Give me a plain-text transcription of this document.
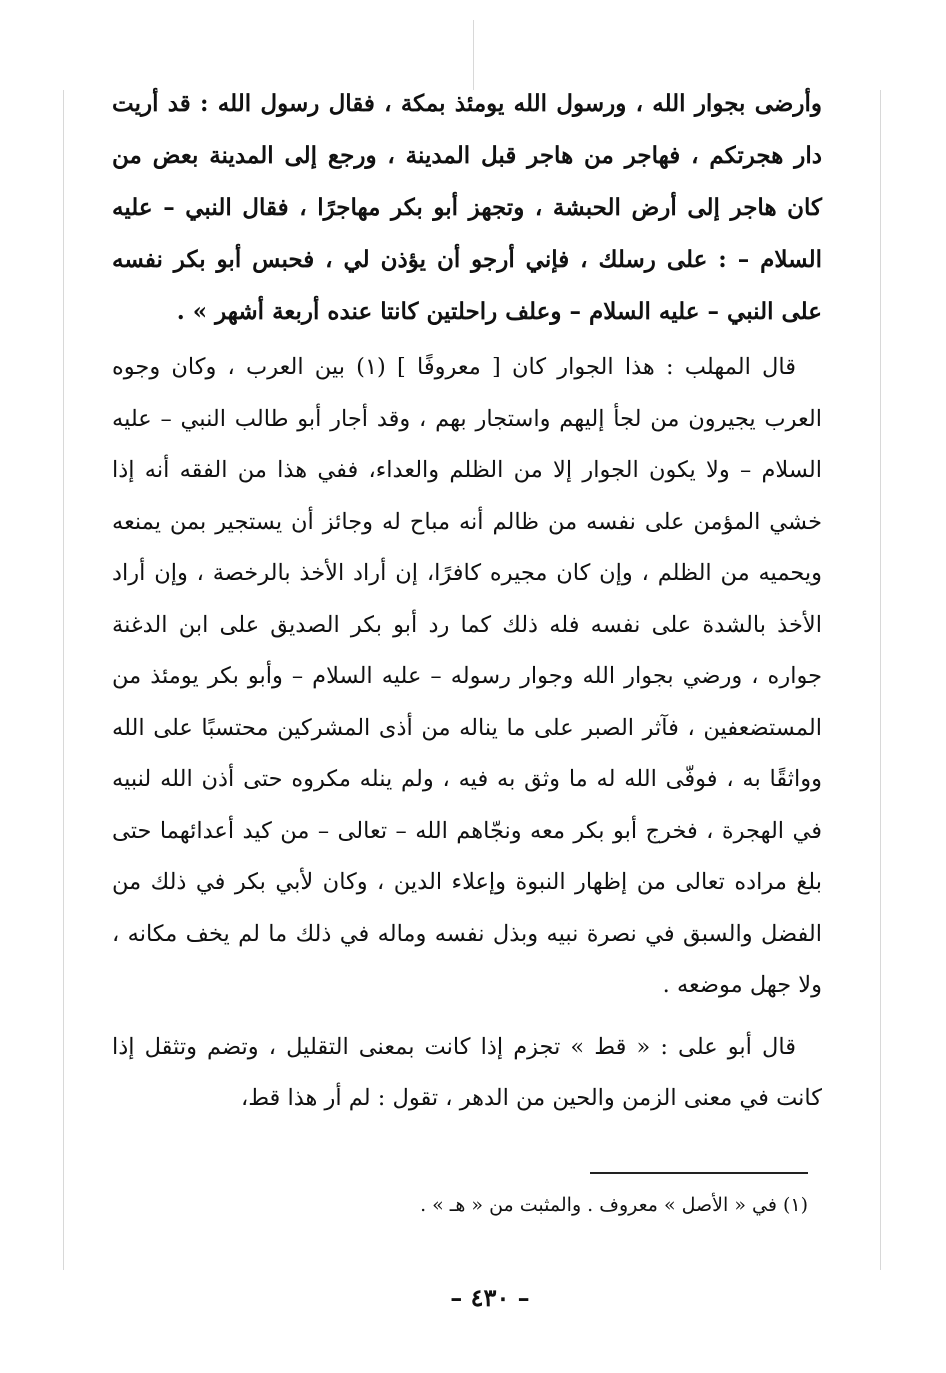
وأرضى بجوار الله ، ورسول الله يومئذ بمكة ، فقال رسول الله : قد أريت دار هجرتكم ، فهاجر من هاجر قبل المدينة ، ورجع إلى المدينة بعض من كان هاجر إلى أرض الحبشة ، وتجهز أبو بكر مهاجرًا ، فقال النبي – عليه السلام – : على رسلك ، فإني أرجو أن يؤذن لي ، فحبس أبو بكر نفسه على النبي – عليه السلام – وعلف راحلتين كانتا عنده أربعة أشهر » .

قال المهلب : هذا الجوار كان [ معروفًا ] (١) بين العرب ، وكان وجوه العرب يجيرون من لجأ إليهم واستجار بهم ، وقد أجار أبو طالب النبي – عليه السلام – ولا يكون الجوار إلا من الظلم والعداء، ففي هذا من الفقه أنه إذا خشي المؤمن على نفسه من ظالم أنه مباح له وجائز أن يستجير بمن يمنعه ويحميه من الظلم ، وإن كان مجيره كافرًا، إن أراد الأخذ بالرخصة ، وإن أراد الأخذ بالشدة على نفسه فله ذلك كما رد أبو بكر الصديق على ابن الدغنة جواره ، ورضي بجوار الله وجوار رسوله – عليه السلام – وأبو بكر يومئذ من المستضعفين ، فآثر الصبر على ما يناله من أذى المشركين محتسبًا على الله وواثقًا به ، فوفّى الله له ما وثق به فيه ، ولم ينله مكروه حتى أذن الله لنبيه في الهجرة ، فخرج أبو بكر معه ونجّاهم الله – تعالى – من كيد أعدائهما حتى بلغ مراده تعالى من إظهار النبوة وإعلاء الدين ، وكان لأبي بكر في ذلك من الفضل والسبق في نصرة نبيه وبذل نفسه وماله في ذلك ما لم يخف مكانه ، ولا جهل موضعه .

قال أبو على : « قط » تجزم إذا كانت بمعنى التقليل ، وتضم وتثقل إذا كانت في معنى الزمن والحين من الدهر ، تقول : لم أر هذا قط،

(١) في « الأصل » معروف . والمثبت من « هـ » .
– ٤٣٠ –
